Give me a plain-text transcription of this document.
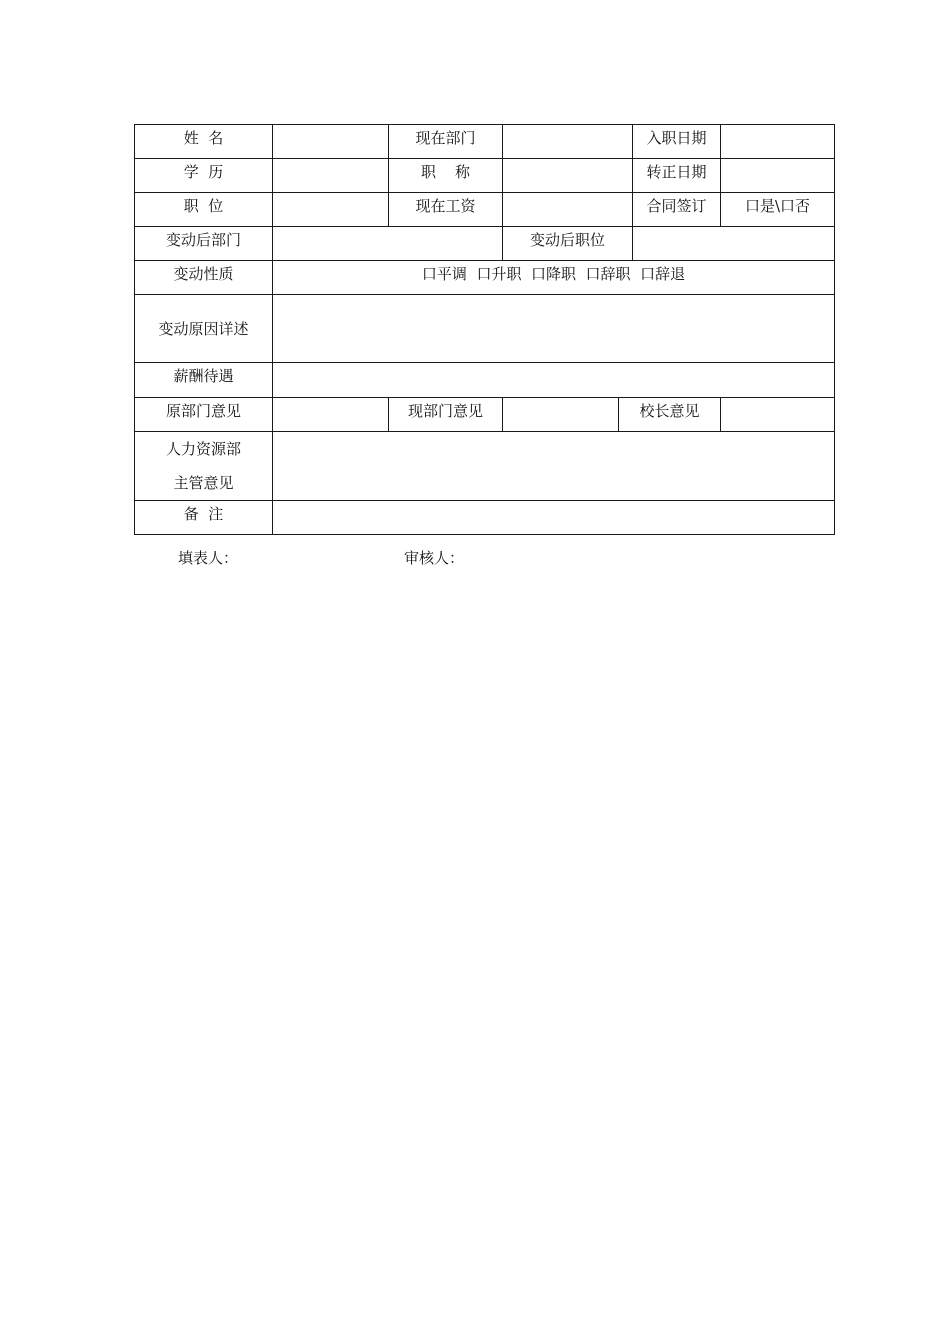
姓  名		现在部门			入职日期	
学  历		职    称			转正日期	
职  位		现在工资			合同签订	口是\口否
变动后部门			变动后职位			
变动性质	口平调  口升职  口降职  口辞职  口辞退					
变动原因详述						
薪酬待遇						
原部门意见		现部门意见		校长意见		

人力资源部
主管意见						

备  注						
填表人：	审核人：
